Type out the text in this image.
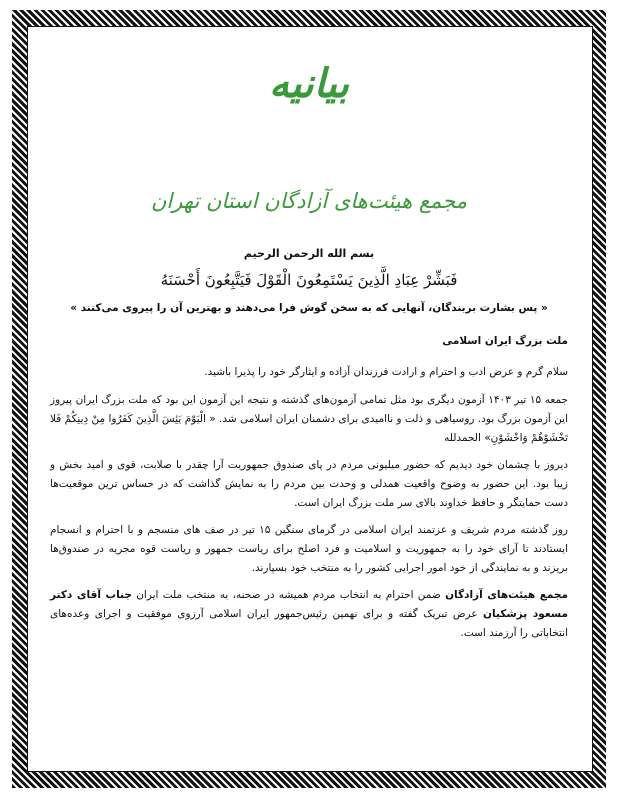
بیانیه
مجمع هیئت‌های آزادگان استان تهران
بسم الله الرحمن الرحیم
فَبَشِّرْ عِبَادِ الَّذِينَ يَسْتَمِعُونَ الْقَوْلَ فَيَتَّبِعُونَ أَحْسَنَهُ
« پس بشارت بربندگان، آنهایی که به سخن گوش فرا می‌دهند و بهترین آن را پیروی می‌کنند »

ملت بزرگ ایران اسلامی

سلام گرم و عرض ادب و احترام و ارادت فرزندان آزاده و ایثارگر خود را پذیرا باشید.

جمعه ۱۵ تیر ۱۴۰۳ آزمون دیگری بود مثل تمامی آزمون‌های گذشته و نتیجه این آزمون این بود که ملت بزرگ ایران پیروز این آزمون بزرگ بود. روسیاهی و ذلت و ناامیدی برای دشمنان ایران اسلامی شد. « الْيَوْمَ يَئِسَ الَّذِينَ كَفَرُوا مِنْ دِينِكُمْ فَلا تَخْشَوْهُمْ وَاخْشَوْنِ» الحمدلله

دیروز با چشمان خود دیدیم که حضور میلیونی مردم در پای صندوق جمهوریت آرا چقدر با صلابت، قوی و امید بخش و زیبا بود. این حضور به وضوح واقعیت همدلی و وحدت بین مردم را به نمایش گذاشت که در حساس ترین موقعیت‌ها دست حمایتگر و حافظ خداوند بالای سر ملت بزرگ ایران است.

روز گذشته مردم شریف و عزتمند ایران اسلامی در گرمای سنگین ۱۵ تیر در صف های منسجم و با احترام و انسجام ایستادند تا آرای خود را به جمهوریت و اسلامیت و فرد اصلح برای ریاست جمهور و ریاست قوه مجریه در صندوق‌ها بریزند و به نمایندگی از خود امور اجرایی کشور را به منتخب خود بسپارند.

مجمع هیئت‌های آزادگان ضمن احترام به انتخاب مردم همیشه در صحنه، به منتخب ملت ایران جناب آقای دکتر مسعود پزشکیان عرض تبریک گفته و برای نهمین رئیس‌جمهور ایران اسلامی آرزوی موفقیت و اجرای وعده‌های انتخاباتی را آرزمند است.
